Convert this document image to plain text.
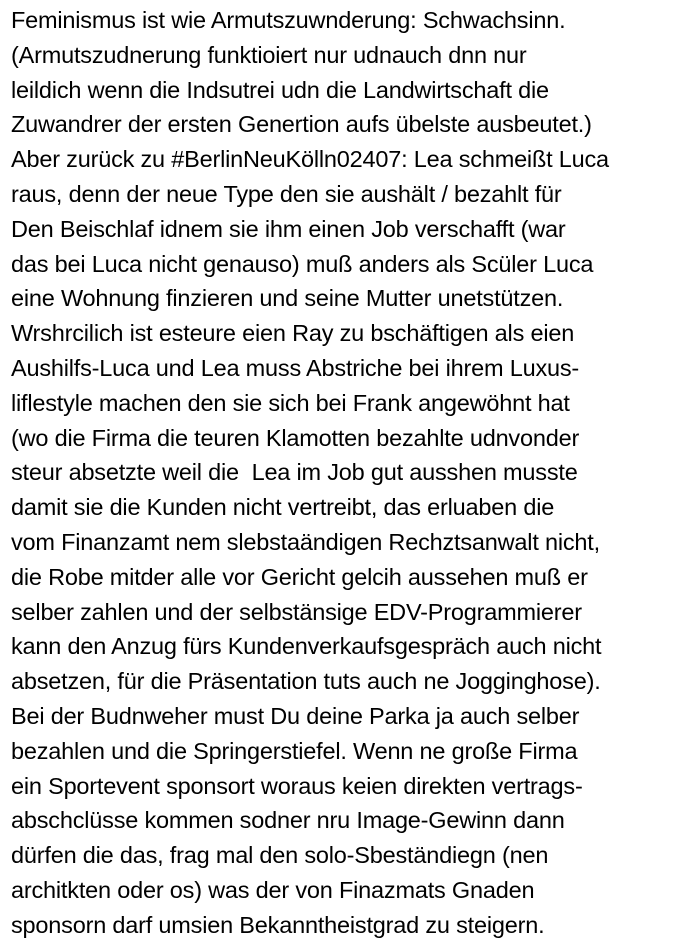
Feminismus ist wie Armutszuwnderung: Schwachsinn.
(Armutszudnerung funktioiert nur udnauch dnn nur
leildich wenn die Indsutrei udn die Landwirtschaft die
Zuwandrer der ersten Genertion aufs übelste ausbeutet.)
Aber zurück zu #BerlinNeuKölln02407: Lea schmeißt Luca
raus, denn der neue Type den sie aushält / bezahlt für
Den Beischlaf idnem sie ihm einen Job verschafft (war
das bei Luca nicht genauso) muß anders als Scüler Luca
eine Wohnung finzieren und seine Mutter unetstützen.
Wrshrcilich ist esteure eien Ray zu bschäftigen als eien
Aushilfs-Luca und Lea muss Abstriche bei ihrem Luxus-
liflestyle machen den sie sich bei Frank angewöhnt hat
(wo die Firma die teuren Klamotten bezahlte udnvonder
steur absetzte weil die  Lea im Job gut ausshen musste
damit sie die Kunden nicht vertreibt, das erluaben die
vom Finanzamt nem slebstaändigen Rechztsanwalt nicht,
die Robe mitder alle vor Gericht gelcih aussehen muß er
selber zahlen und der selbstänsige EDV-Programmierer
kann den Anzug fürs Kundenverkaufsgespräch auch nicht
absetzen, für die Präsentation tuts auch ne Jogginghose).
Bei der Budnweher must Du deine Parka ja auch selber
bezahlen und die Springerstiefel. Wenn ne große Firma
ein Sportevent sponsort woraus keien direkten vertrags-
abschclüsse kommen sodner nru Image-Gewinn dann
dürfen die das, frag mal den solo-Sbeständiegn (nen
architkten oder os) was der von Finazmats Gnaden
sponsorn darf umsien Bekanntheistgrad zu steigern.
